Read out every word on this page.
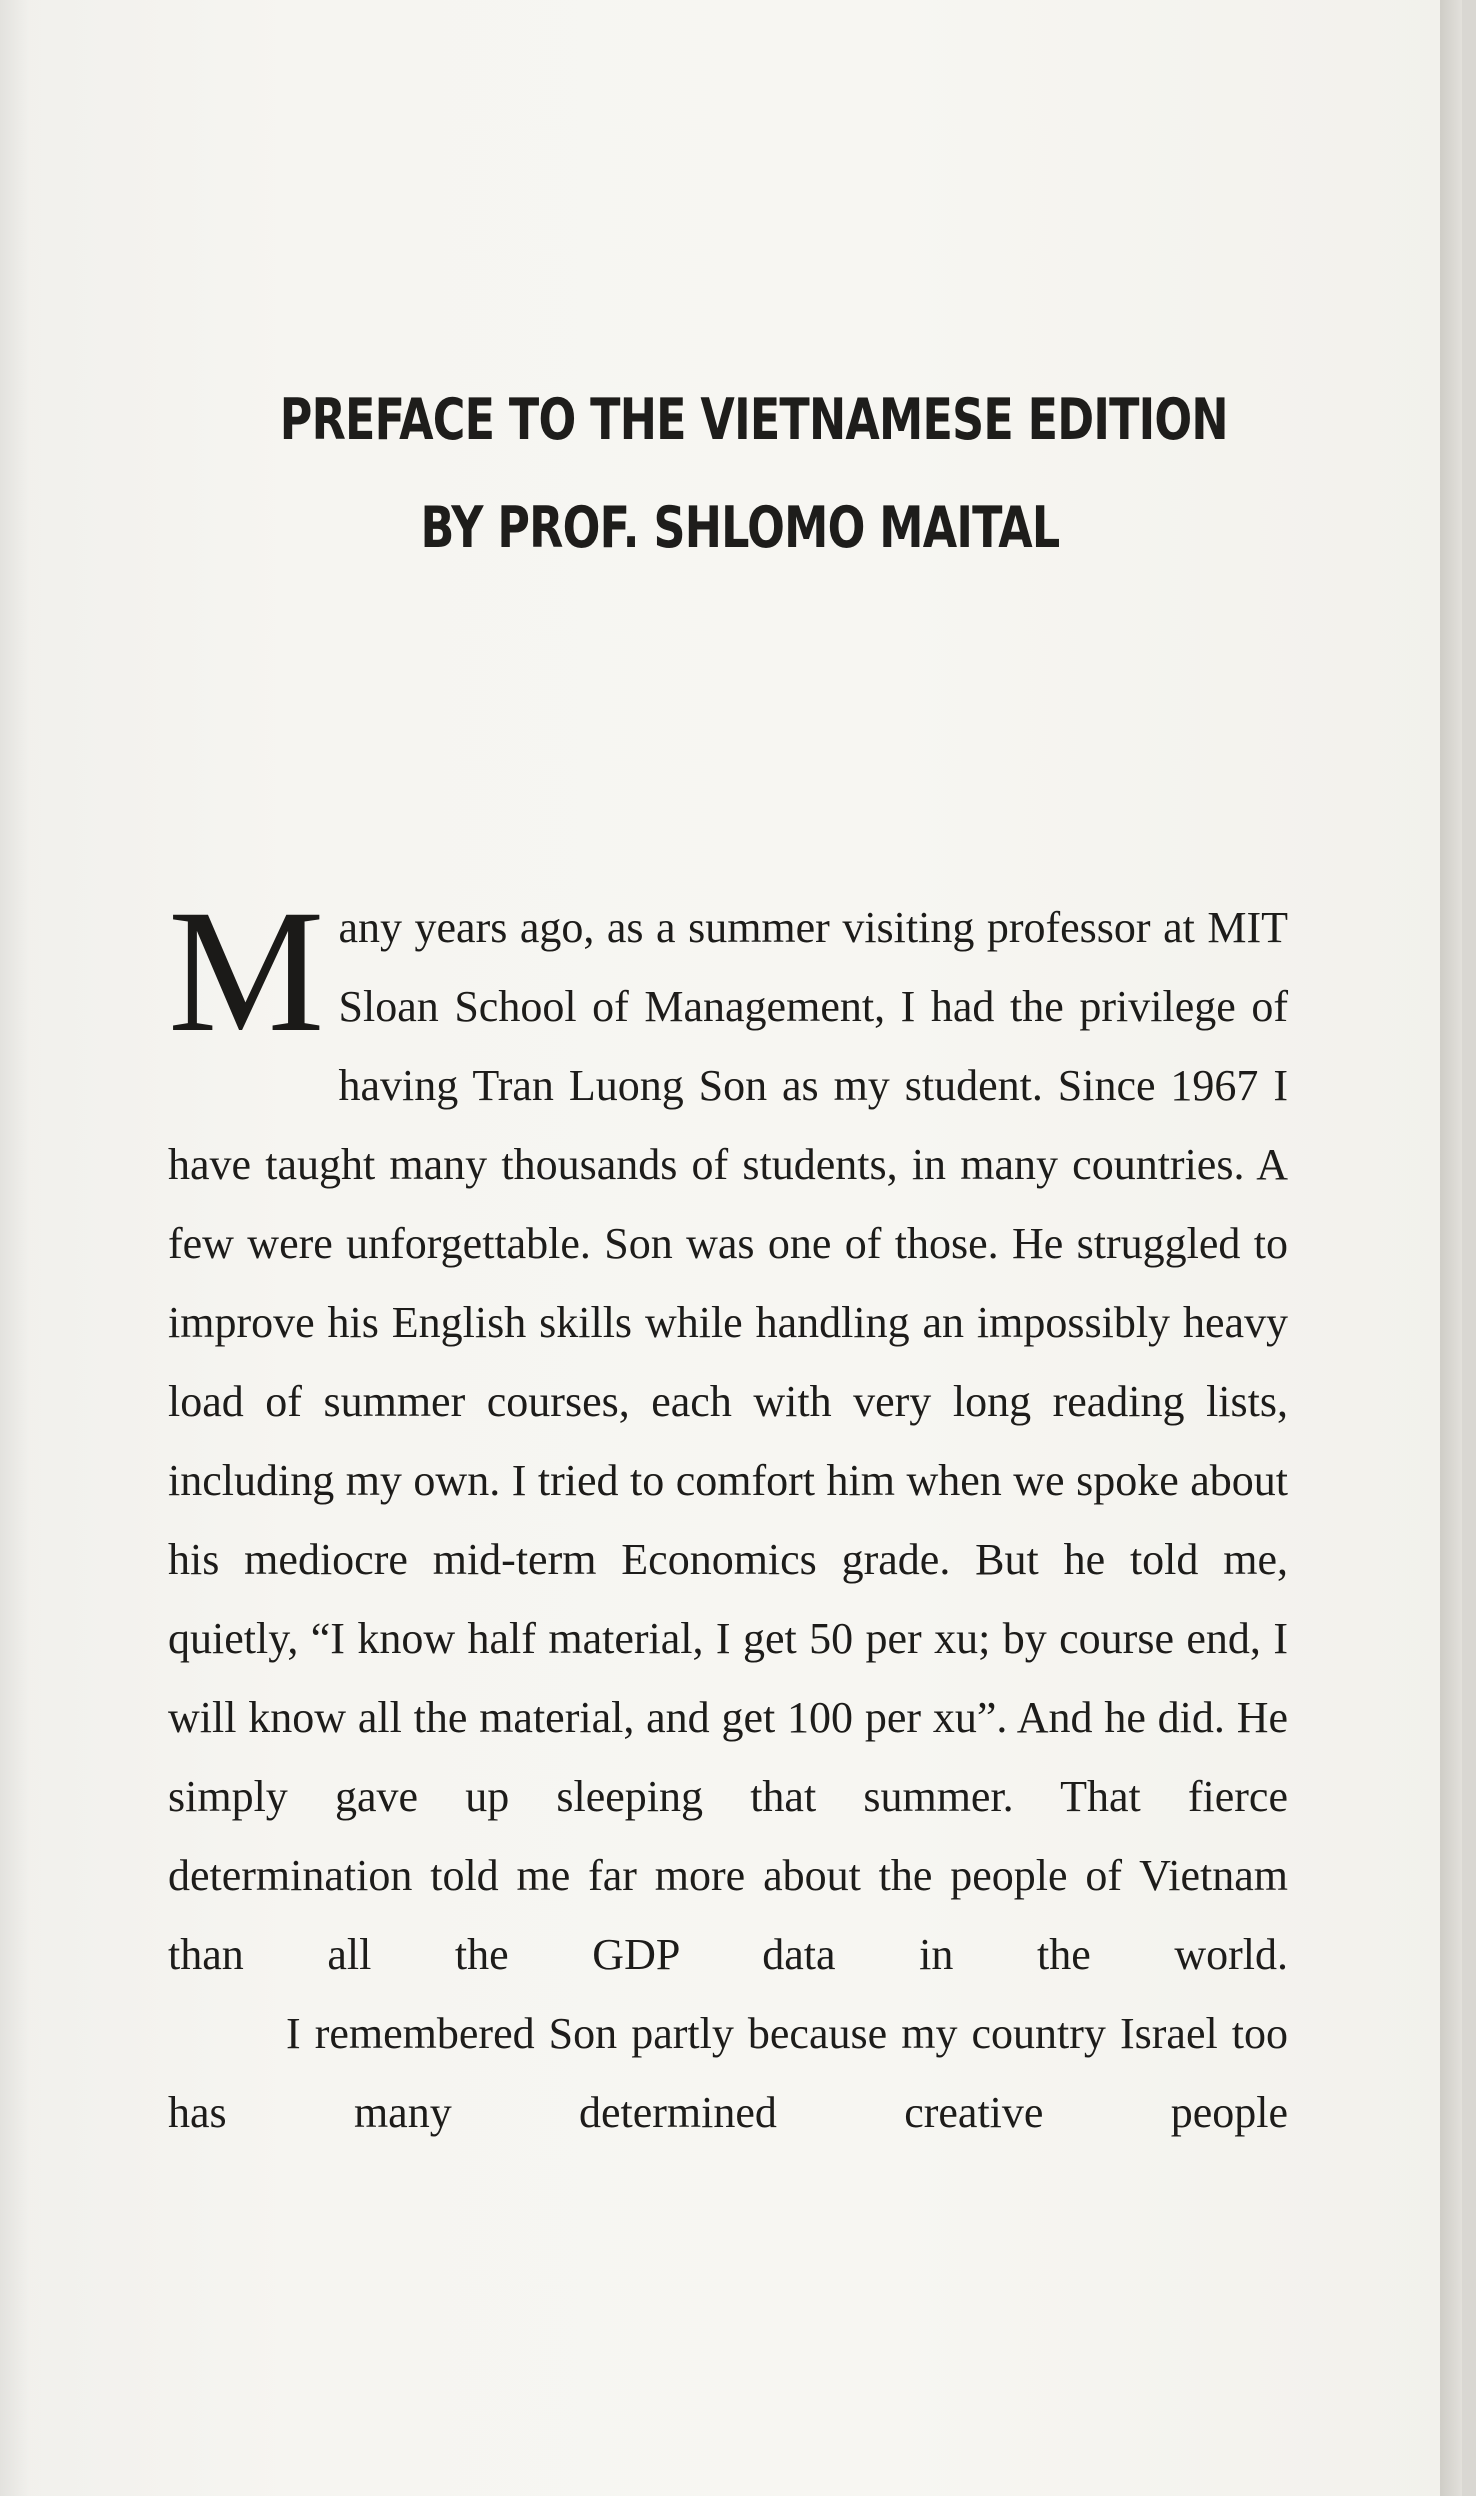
PREFACE TO THE VIETNAMESE EDITION
BY PROF. SHLOMO MAITAL

Many years ago, as a summer visiting professor at MIT Sloan School of Management, I had the privilege of having Tran Luong Son as my student. Since 1967 I have taught many thousands of students, in many countries. A few were unforgettable. Son was one of those. He struggled to improve his English skills while handling an impossibly heavy load of summer courses, each with very long reading lists, including my own. I tried to comfort him when we spoke about his mediocre mid-term Economics grade. But he told me, quietly, “I know half material, I get 50 per xu; by course end, I will know all the material, and get 100 per xu”. And he did. He simply gave up sleeping that summer. That fierce determination told me far more about the people of Vietnam than all the GDP data in the world.

I remembered Son partly because my country Israel too has many determined creative people
